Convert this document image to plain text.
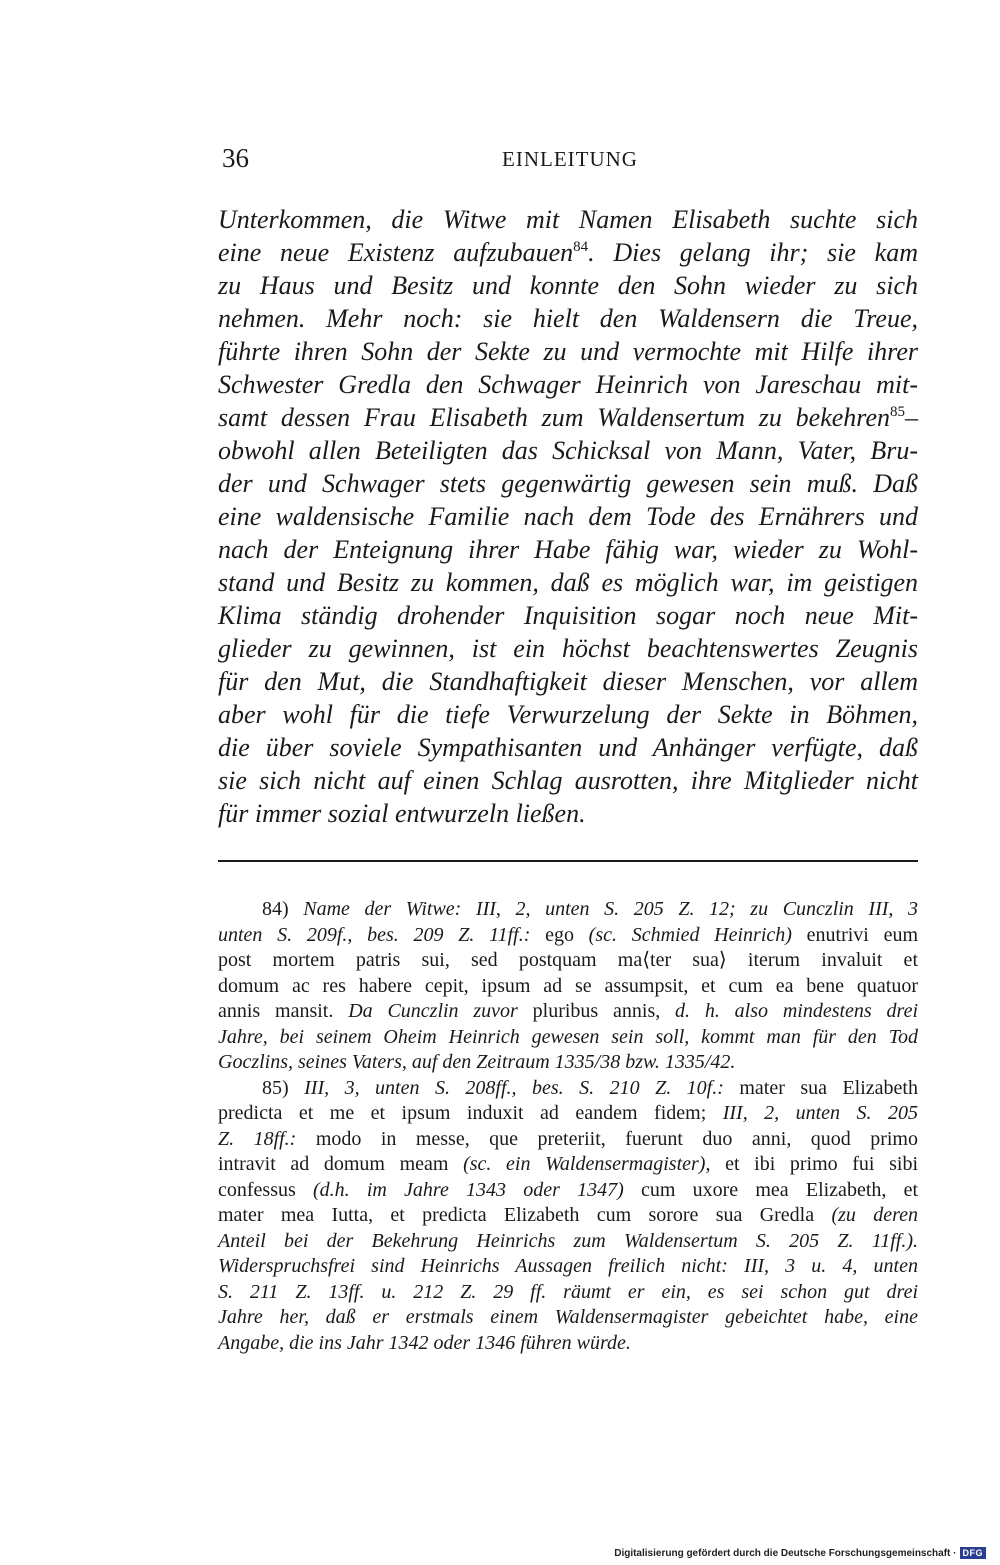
36	EINLEITUNG
Unterkommen, die Witwe mit Namen Elisabeth suchte sich
eine neue Existenz aufzubauen$^{84}$. Dies gelang ihr; sie kam
zu Haus und Besitz und konnte den Sohn wieder zu sich
nehmen. Mehr noch: sie hielt den Waldensern die Treue,
führte ihren Sohn der Sekte zu und vermochte mit Hilfe ihrer
Schwester Gredla den Schwager Heinrich von Jareschau mit-
samt dessen Frau Elisabeth zum Waldensertum zu bekehren$^{85}$–
obwohl allen Beteiligten das Schicksal von Mann, Vater, Bru-
der und Schwager stets gegenwärtig gewesen sein muß. Daß
eine waldensische Familie nach dem Tode des Ernährers und
nach der Enteignung ihrer Habe fähig war, wieder zu Wohl-
stand und Besitz zu kommen, daß es möglich war, im geistigen
Klima ständig drohender Inquisition sogar noch neue Mit-
glieder zu gewinnen, ist ein höchst beachtenswertes Zeugnis
für den Mut, die Standhaftigkeit dieser Menschen, vor allem
aber wohl für die tiefe Verwurzelung der Sekte in Böhmen,
die über soviele Sympathisanten und Anhänger verfügte, daß
sie sich nicht auf einen Schlag ausrotten, ihre Mitglieder nicht
für immer sozial entwurzeln ließen.
84) Name der Witwe: III, 2, unten S. 205 Z. 12; zu Cunczlin III, 3
unten S. 209f., bes. 209 Z. 11ff.: ego (sc. Schmied Heinrich) enutrivi eum
post mortem patris sui, sed postquam ma⟨ter sua⟩ iterum invaluit et
domum ac res habere cepit, ipsum ad se assumpsit, et cum ea bene quatuor
annis mansit. Da Cunczlin zuvor pluribus annis, d. h. also mindestens drei
Jahre, bei seinem Oheim Heinrich gewesen sein soll, kommt man für den Tod
Goczlins, seines Vaters, auf den Zeitraum 1335/38 bzw. 1335/42.
85) III, 3, unten S. 208ff., bes. S. 210 Z. 10f.: mater sua Elizabeth
predicta et me et ipsum induxit ad eandem fidem; III, 2, unten S. 205
Z. 18ff.: modo in messe, que preteriit, fuerunt duo anni, quod primo
intravit ad domum meam (sc. ein Waldensermagister), et ibi primo fui sibi
confessus (d.h. im Jahre 1343 oder 1347) cum uxore mea Elizabeth, et
mater mea Iutta, et predicta Elizabeth cum sorore sua Gredla (zu deren
Anteil bei der Bekehrung Heinrichs zum Waldensertum S. 205 Z. 11ff.).
Widerspruchsfrei sind Heinrichs Aussagen freilich nicht: III, 3 u. 4, unten
S. 211 Z. 13ff. u. 212 Z. 29 ff. räumt er ein, es sei schon gut drei
Jahre her, daß er erstmals einem Waldensermagister gebeichtet habe, eine
Angabe, die ins Jahr 1342 oder 1346 führen würde.
Digitalisierung gefördert durch die Deutsche Forschungsgemeinschaft · DFG
